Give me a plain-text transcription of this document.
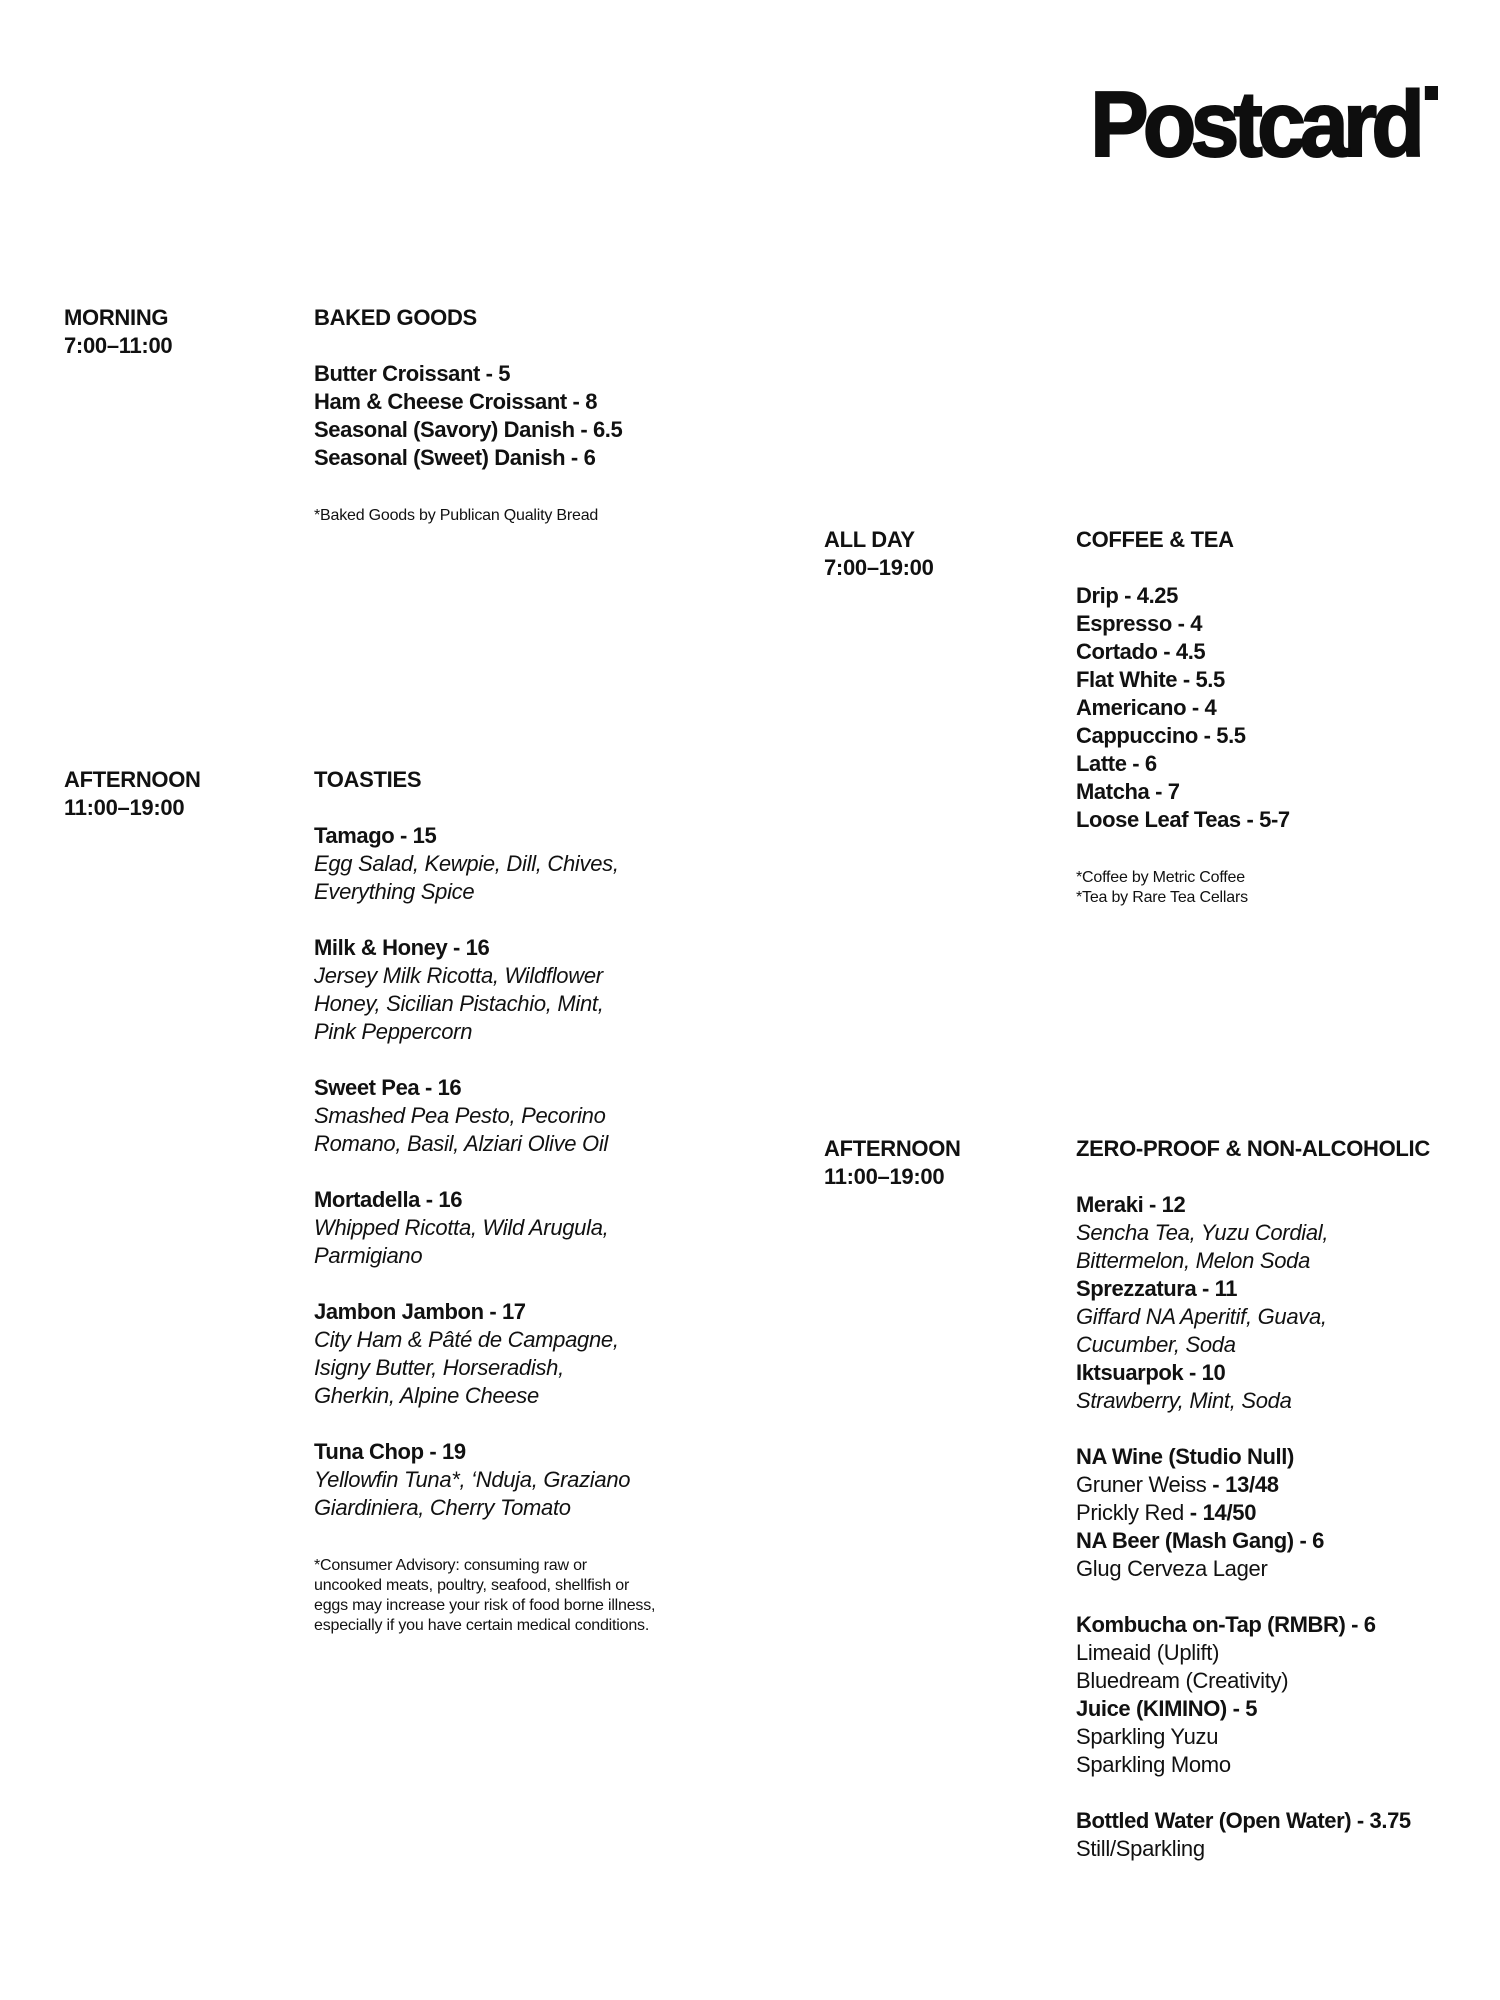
Postcard
MORNING
7:00–11:00
BAKED GOODS
Butter Croissant - 5
Ham & Cheese Croissant - 8
Seasonal (Savory) Danish - 6.5
Seasonal (Sweet) Danish - 6
*Baked Goods by Publican Quality Bread
AFTERNOON
11:00–19:00
TOASTIES
Tamago - 15
Egg Salad, Kewpie, Dill, Chives,
Everything Spice
Milk & Honey - 16
Jersey Milk Ricotta, Wildflower
Honey, Sicilian Pistachio, Mint,
Pink Peppercorn
Sweet Pea - 16
Smashed Pea Pesto, Pecorino
Romano, Basil, Alziari Olive Oil
Mortadella - 16
Whipped Ricotta, Wild Arugula,
Parmigiano
Jambon Jambon - 17
City Ham & Pâté de Campagne,
Isigny Butter, Horseradish,
Gherkin, Alpine Cheese
Tuna Chop - 19
Yellowfin Tuna*, ‘Nduja, Graziano
Giardiniera, Cherry Tomato
*Consumer Advisory: consuming raw or
uncooked meats, poultry, seafood, shellfish or
eggs may increase your risk of food borne illness,
especially if you have certain medical conditions.
ALL DAY
7:00–19:00
COFFEE & TEA
Drip - 4.25
Espresso - 4
Cortado - 4.5
Flat White - 5.5
Americano - 4
Cappuccino - 5.5
Latte - 6
Matcha - 7
Loose Leaf Teas - 5-7
*Coffee by Metric Coffee
*Tea by Rare Tea Cellars
AFTERNOON
11:00–19:00
ZERO-PROOF & NON-ALCOHOLIC
Meraki - 12
Sencha Tea, Yuzu Cordial,
Bittermelon, Melon Soda
Sprezzatura - 11
Giffard NA Aperitif, Guava,
Cucumber, Soda
Iktsuarpok - 10
Strawberry, Mint, Soda
NA Wine (Studio Null)
Gruner Weiss - 13/48
Prickly Red - 14/50
NA Beer (Mash Gang) - 6
Glug Cerveza Lager
Kombucha on-Tap (RMBR) - 6
Limeaid (Uplift)
Bluedream (Creativity)
Juice (KIMINO) - 5
Sparkling Yuzu
Sparkling Momo
Bottled Water (Open Water) - 3.75
Still/Sparkling
